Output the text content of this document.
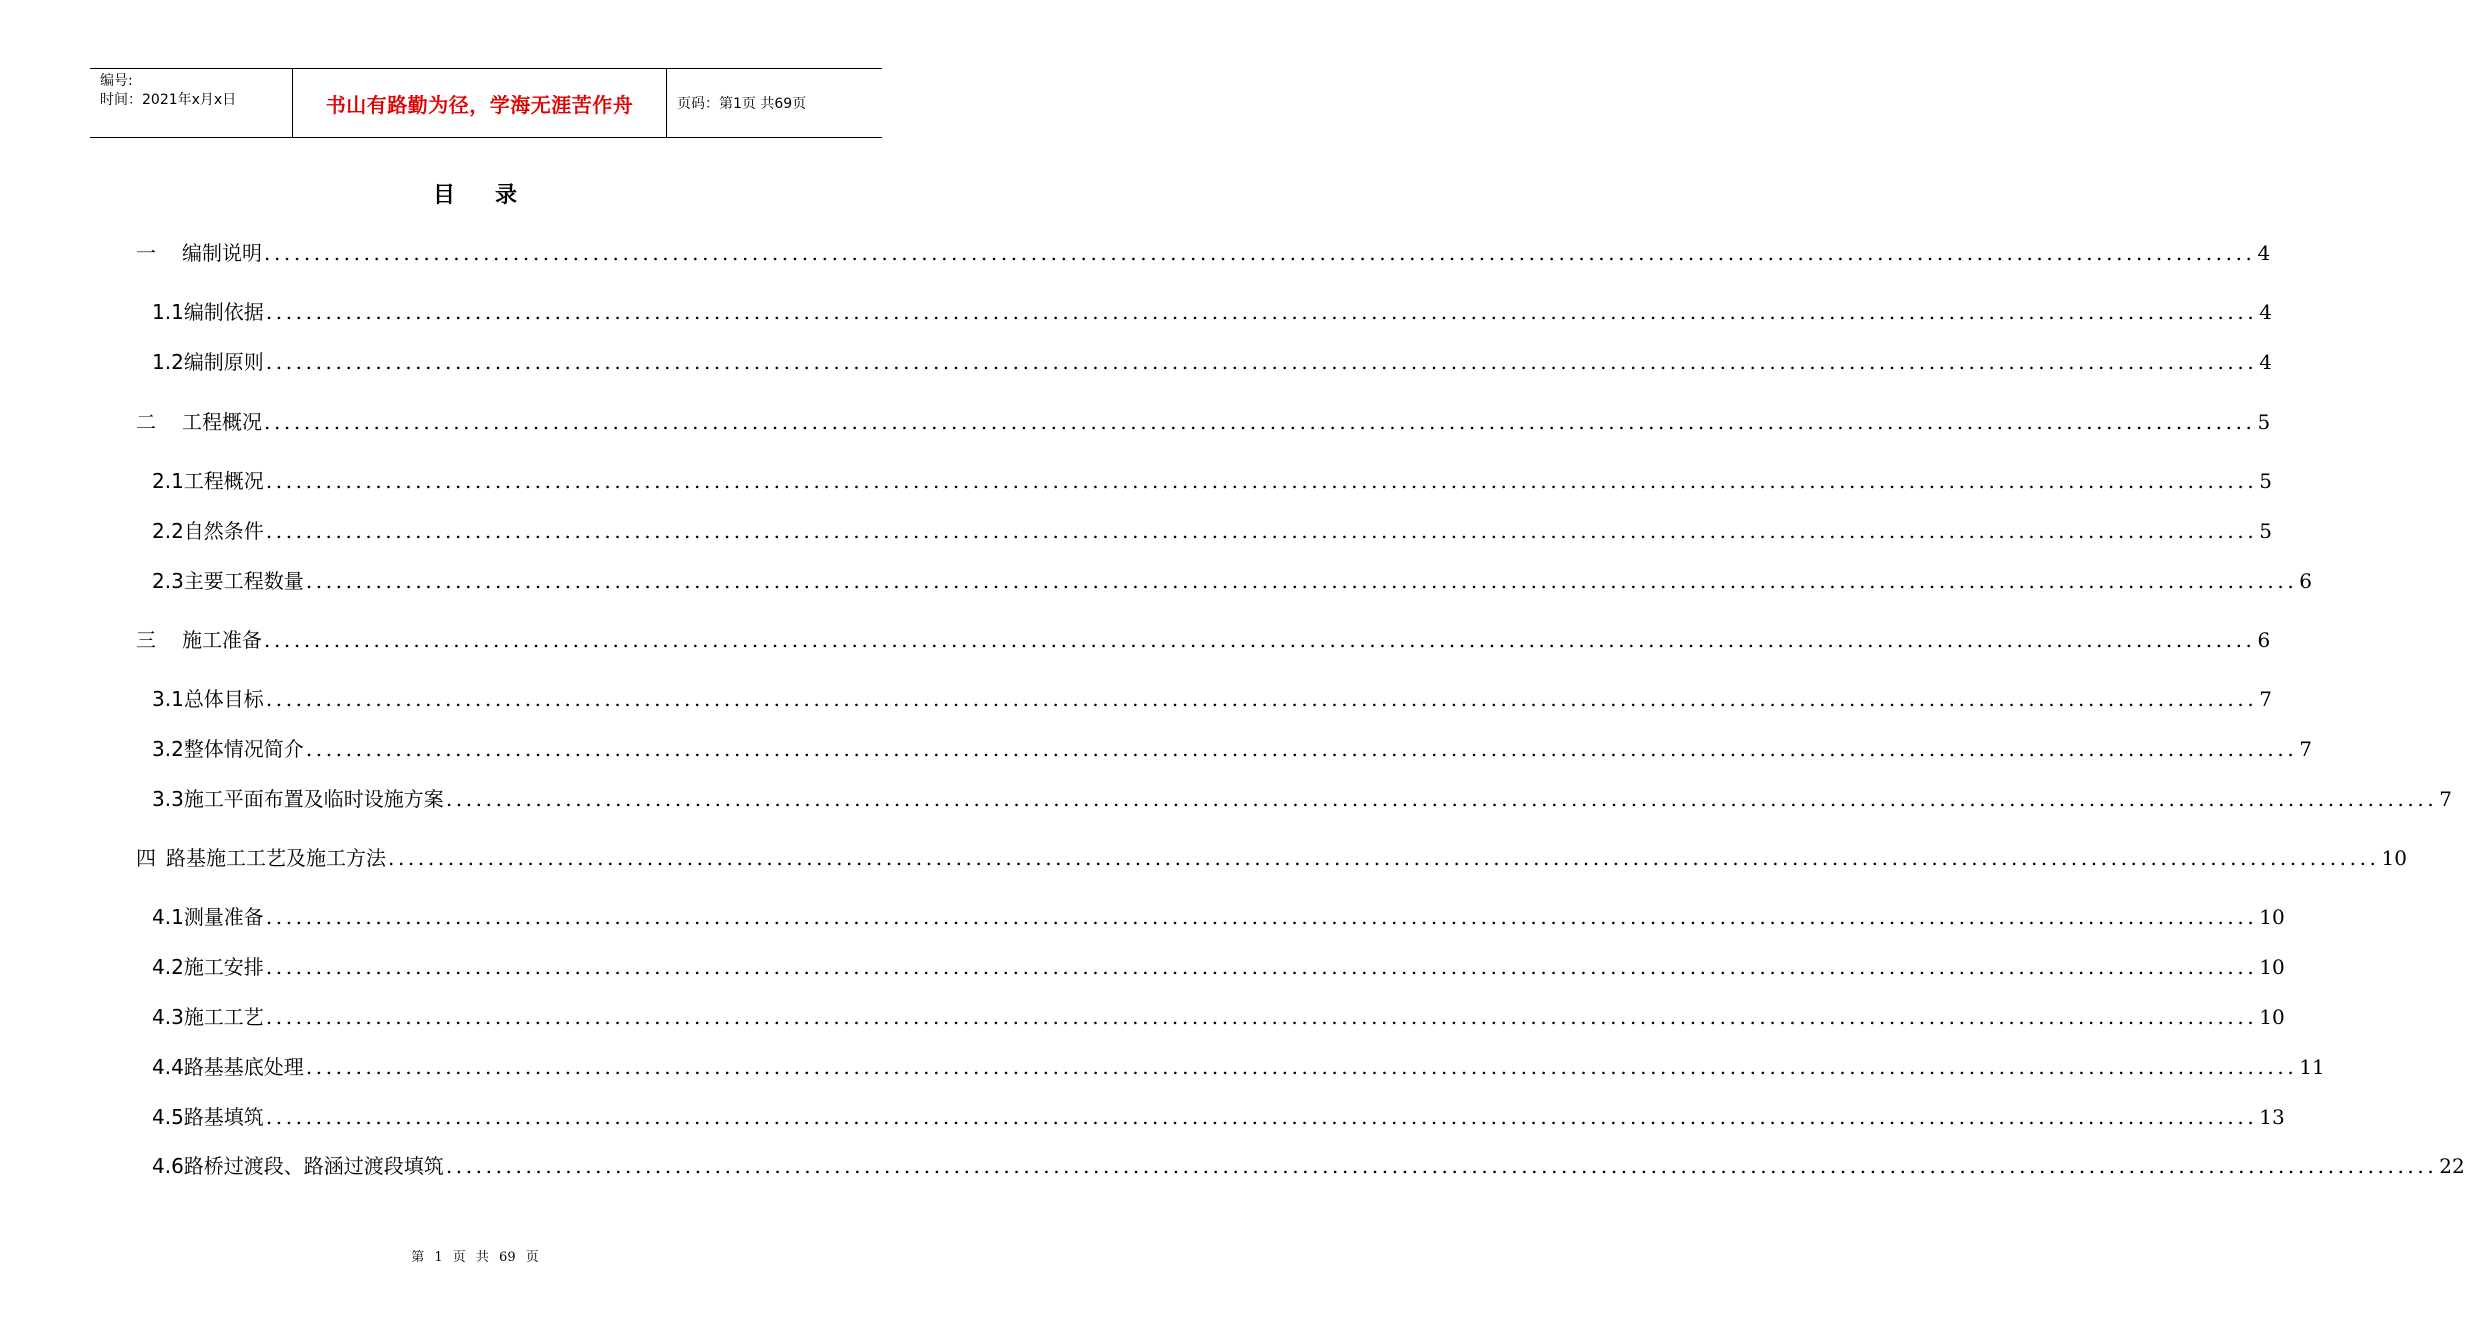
编号:
时间：2021年x月x日	书山有路勤为径，学海无涯苦作舟	页码：第1页 共69页
目录
一 编制说明 ........................................................................................................................................................................................................ 4
1.1编制依据 ........................................................................................................................................................................................................ 4
1.2编制原则 ........................................................................................................................................................................................................ 4
二 工程概况 ........................................................................................................................................................................................................ 5
2.1工程概况 ........................................................................................................................................................................................................ 5
2.2自然条件 ........................................................................................................................................................................................................ 5
2.3主要工程数量 ........................................................................................................................................................................................................ 6
三 施工准备 ........................................................................................................................................................................................................ 6
3.1总体目标 ........................................................................................................................................................................................................ 7
3.2整体情况简介 ........................................................................................................................................................................................................ 7
3.3施工平面布置及临时设施方案 ........................................................................................................................................................................................................ 7
四 路基施工工艺及施工方法 ........................................................................................................................................................................................................ 10
4.1测量准备 ........................................................................................................................................................................................................ 10
4.2施工安排 ........................................................................................................................................................................................................ 10
4.3施工工艺 ........................................................................................................................................................................................................ 10
4.4路基基底处理 ........................................................................................................................................................................................................ 11
4.5路基填筑 ........................................................................................................................................................................................................ 13
4.6路桥过渡段、路涵过渡段填筑 ........................................................................................................................................................................................................ 22
第 1 页 共 69 页
